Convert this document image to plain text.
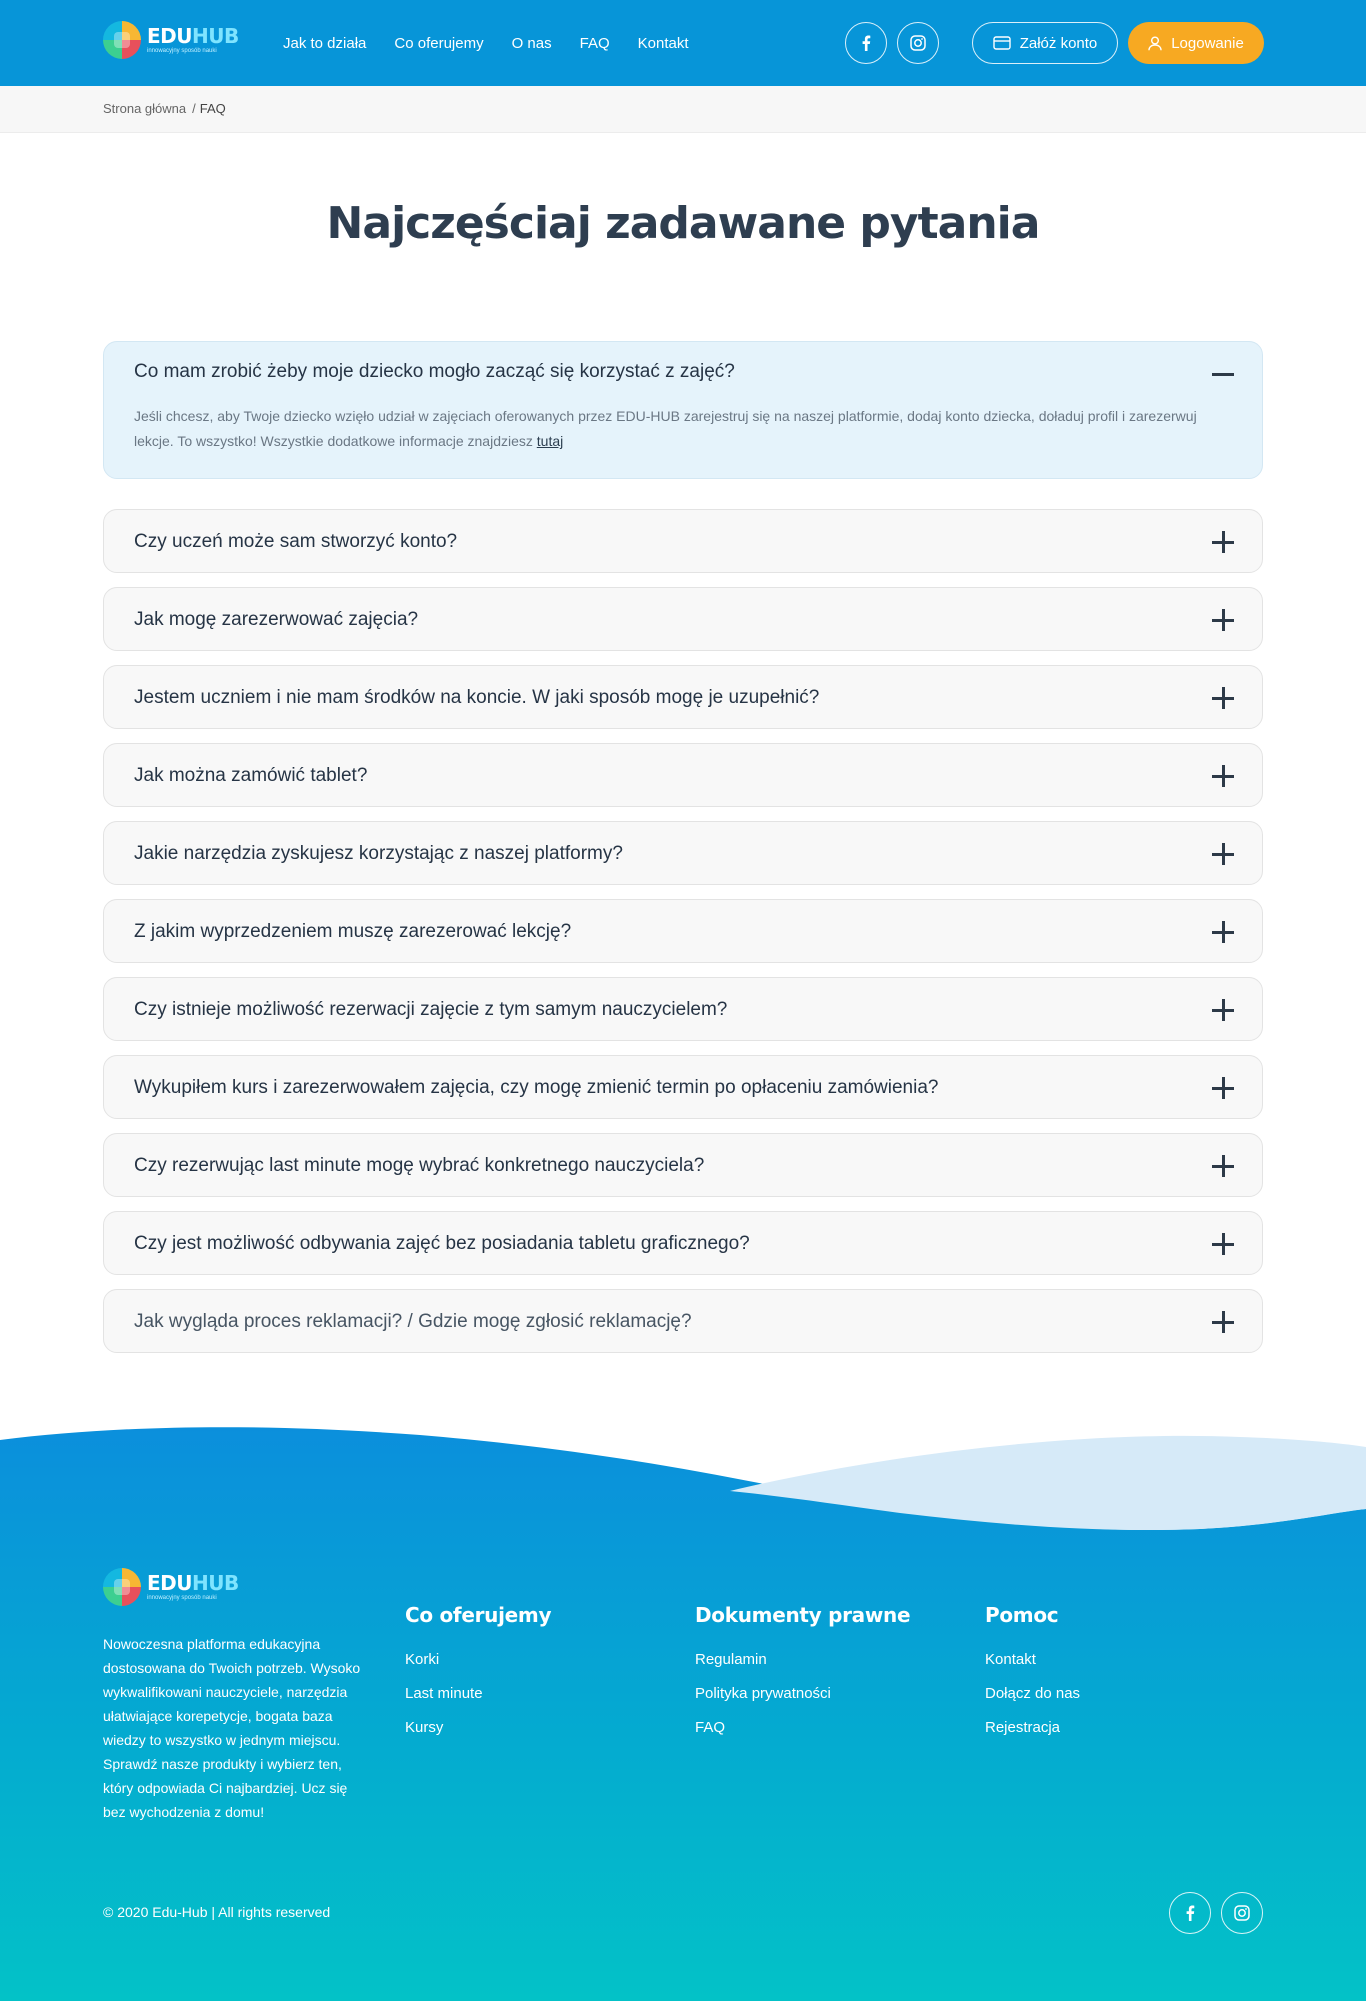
EDUHUB
innowacyjny sposób nauki	Jak to działa Co oferujemy O nas FAQ Kontakt	Załóż konto	Logowanie
Strona główna / FAQ
Najczęściaj zadawane pytania
Co mam zrobić żeby moje dziecko mogło zacząć się korzystać z zajęć?
Jeśli chcesz, aby Twoje dziecko wzięło udział w zajęciach oferowanych przez EDU-HUB zarejestruj się na naszej platformie, dodaj konto dziecka, doładuj profil i zarezerwuj lekcje. To wszystko! Wszystkie dodatkowe informacje znajdziesz tutaj
Czy uczeń może sam stworzyć konto?
Jak mogę zarezerwować zajęcia?
Jestem uczniem i nie mam środków na koncie. W jaki sposób mogę je uzupełnić?
Jak można zamówić tablet?
Jakie narzędzia zyskujesz korzystając z naszej platformy?
Z jakim wyprzedzeniem muszę zarezerować lekcję?
Czy istnieje możliwość rezerwacji zajęcie z tym samym nauczycielem?
Wykupiłem kurs i zarezerwowałem zajęcia, czy mogę zmienić termin po opłaceniu zamówienia?
Czy rezerwując last minute mogę wybrać konkretnego nauczyciela?
Czy jest możliwość odbywania zajęć bez posiadania tabletu graficznego?
Jak wygląda proces reklamacji? / Gdzie mogę zgłosić reklamację?
EDUHUB
innowacyjny sposób nauki

Nowoczesna platforma edukacyjna dostosowana do Twoich potrzeb. Wysoko wykwalifikowani nauczyciele, narzędzia ułatwiające korepetycje, bogata baza wiedzy to wszystko w jednym miejscu. Sprawdź nasze produkty i wybierz ten, który odpowiada Ci najbardziej. Ucz się bez wychodzenia z domu!

Co oferujemy
Korki
Last minute
Kursy
Dokumenty prawne
Regulamin
Polityka prywatności
FAQ
Pomoc
Kontakt
Dołącz do nas
Rejestracja

© 2020 Edu-Hub | All rights reserved
